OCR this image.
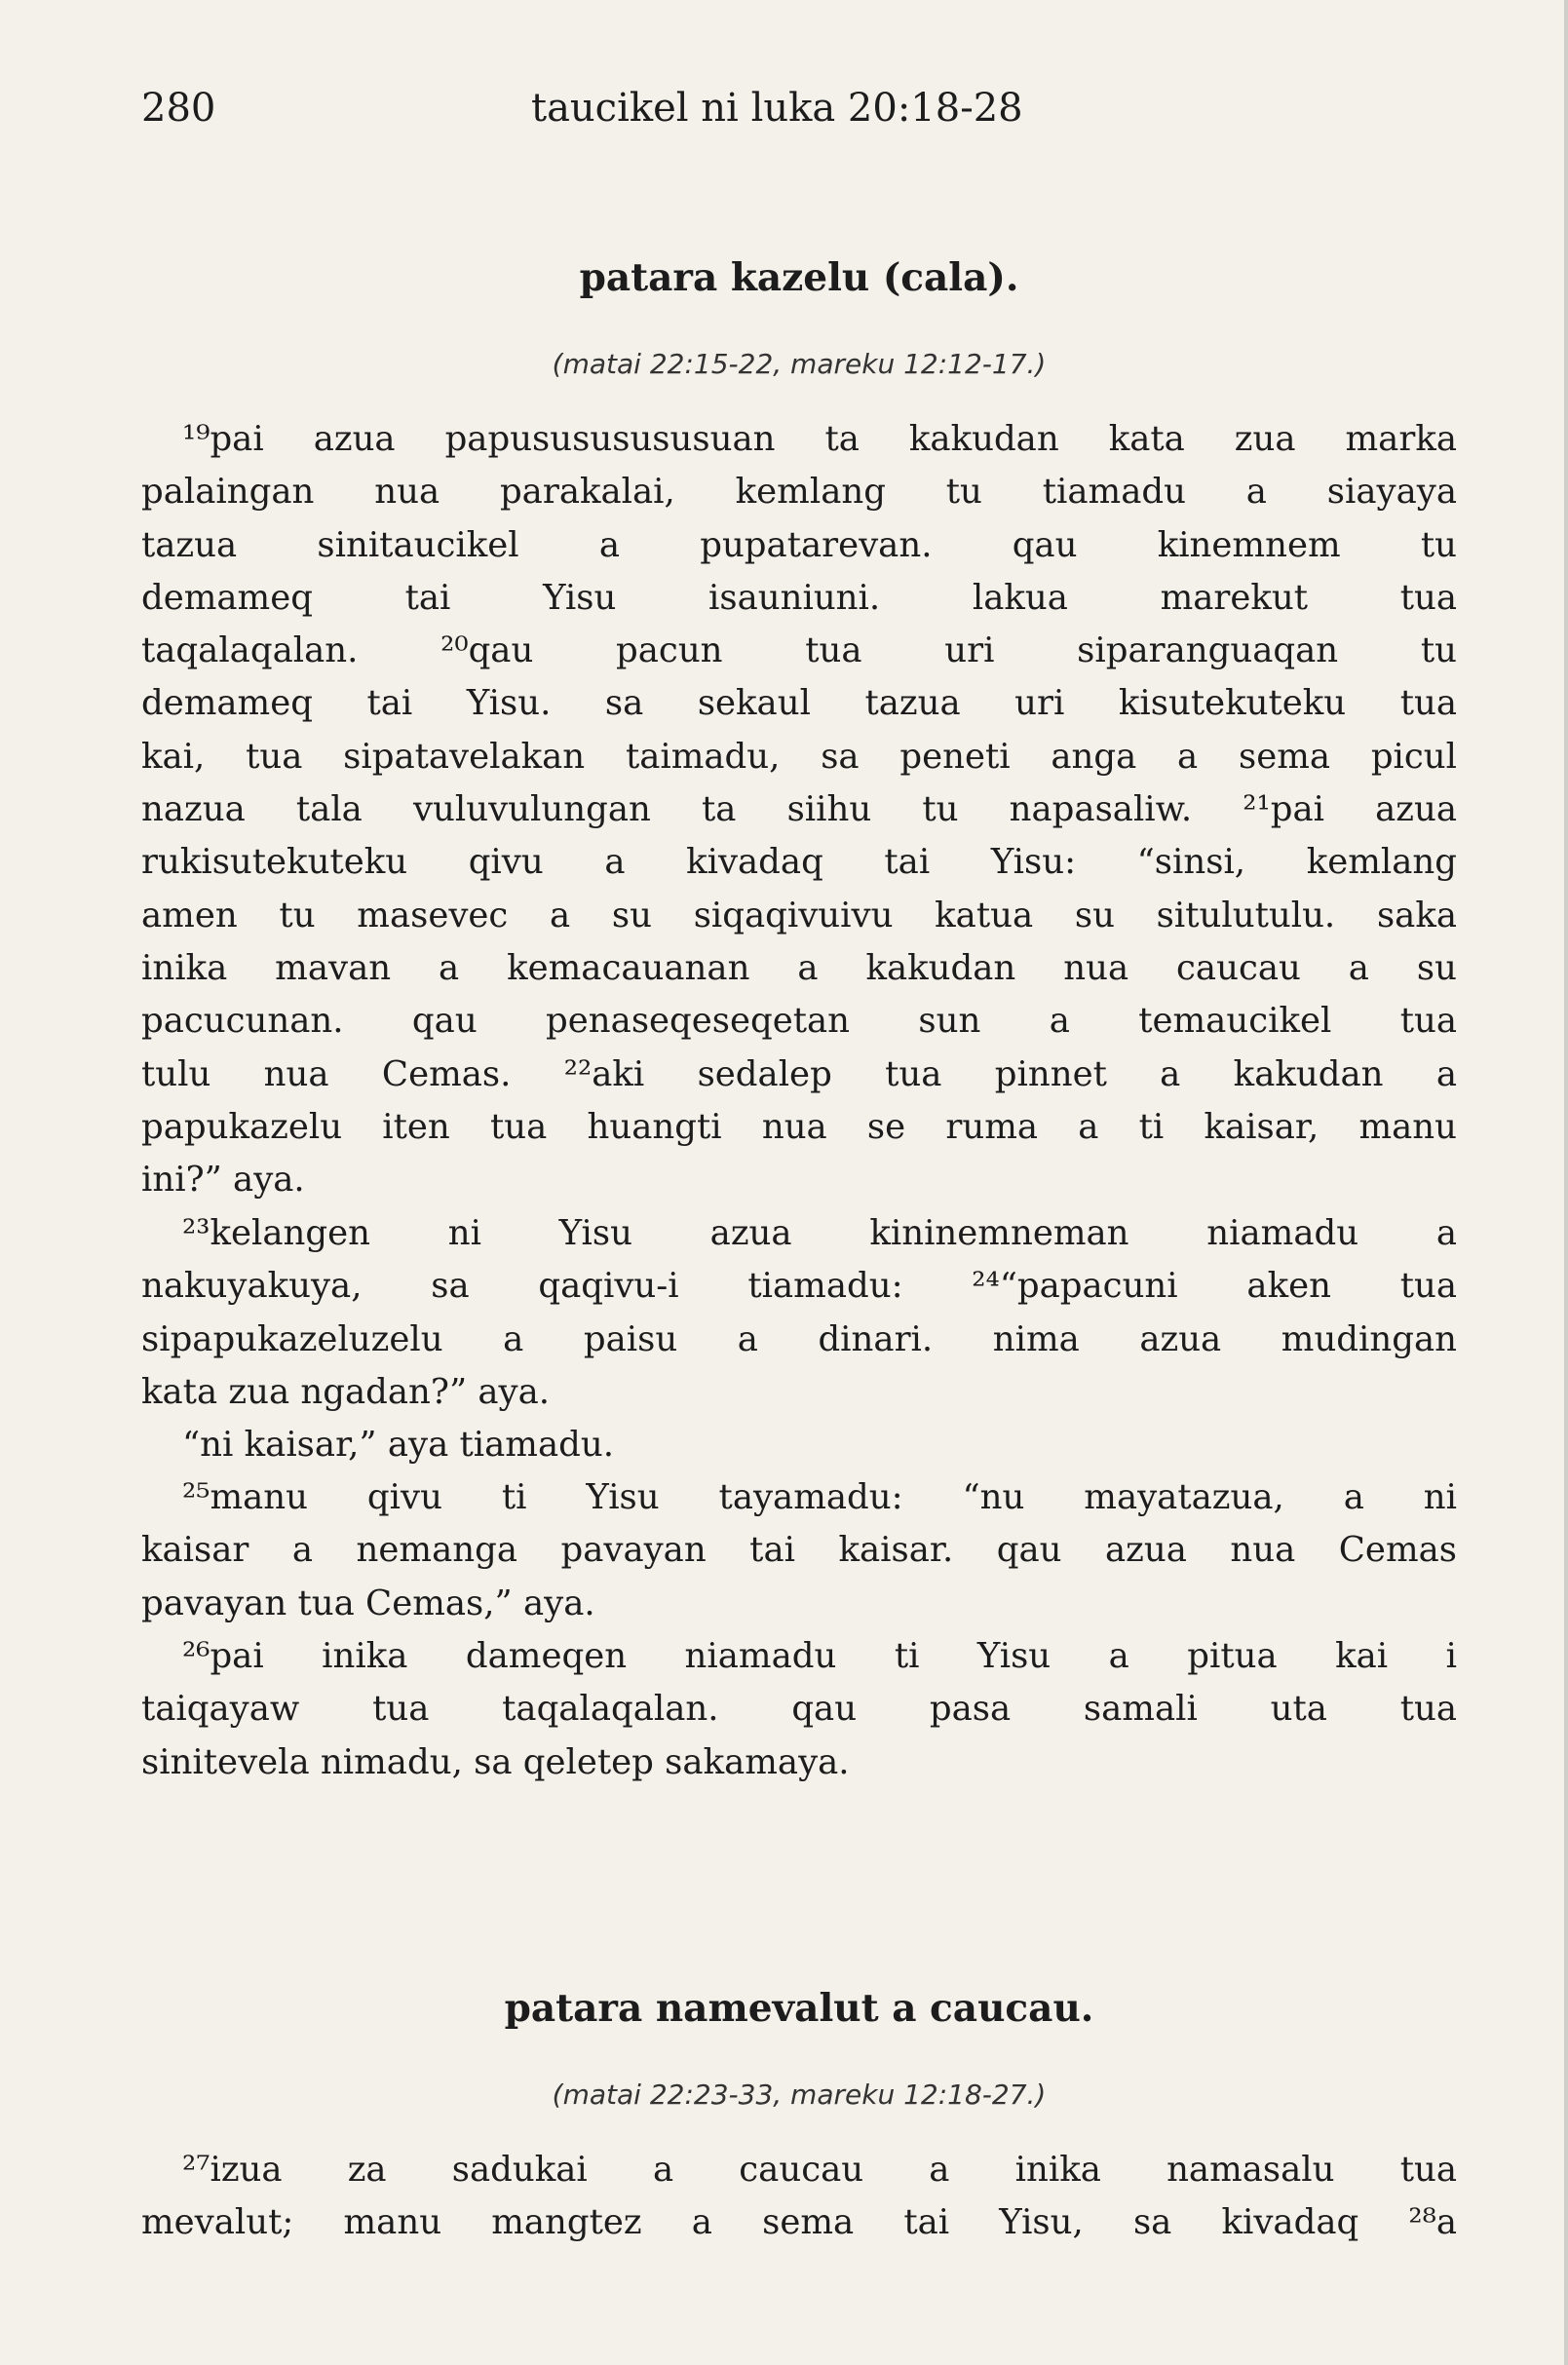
280	taucikel ni luka 20:18-28
patara kazelu (cala).
(matai 22:15-22, mareku 12:12-17.)
¹⁹pai azua papusususususuan ta kakudan kata zua marka
palaingan nua parakalai, kemlang tu tiamadu a siayaya
tazua sinitaucikel a pupatarevan. qau kinemnem tu
demameq tai Yisu isauniuni. lakua marekut tua
taqalaqalan. ²⁰qau pacun tua uri siparanguaqan tu
demameq tai Yisu. sa sekaul tazua uri kisutekuteku tua
kai, tua sipatavelakan taimadu, sa peneti anga a sema picul
nazua tala vuluvulungan ta siihu tu napasaliw. ²¹pai azua
rukisutekuteku qivu a kivadaq tai Yisu: “sinsi, kemlang
amen tu masevec a su siqaqivuivu katua su situlutulu. saka
inika mavan a kemacauanan a kakudan nua caucau a su
pacucunan. qau penaseqeseqetan sun a temaucikel tua
tulu nua Cemas. ²²aki sedalep tua pinnet a kakudan a
papukazelu iten tua huangti nua se ruma a ti kaisar, manu
ini?” aya.
²³kelangen ni Yisu azua kininemneman niamadu a
nakuyakuya, sa qaqivu-i tiamadu: ²⁴“papacuni aken tua
sipapukazeluzelu a paisu a dinari. nima azua mudingan
kata zua ngadan?” aya.
“ni kaisar,” aya tiamadu.
²⁵manu qivu ti Yisu tayamadu: “nu mayatazua, a ni
kaisar a nemanga pavayan tai kaisar. qau azua nua Cemas
pavayan tua Cemas,” aya.
²⁶pai inika dameqen niamadu ti Yisu a pitua kai i
taiqayaw tua taqalaqalan. qau pasa samali uta tua
sinitevela nimadu, sa qeletep sakamaya.
patara namevalut a caucau.
(matai 22:23-33, mareku 12:18-27.)
²⁷izua za sadukai a caucau a inika namasalu tua
mevalut; manu mangtez a sema tai Yisu, sa kivadaq ²⁸a
